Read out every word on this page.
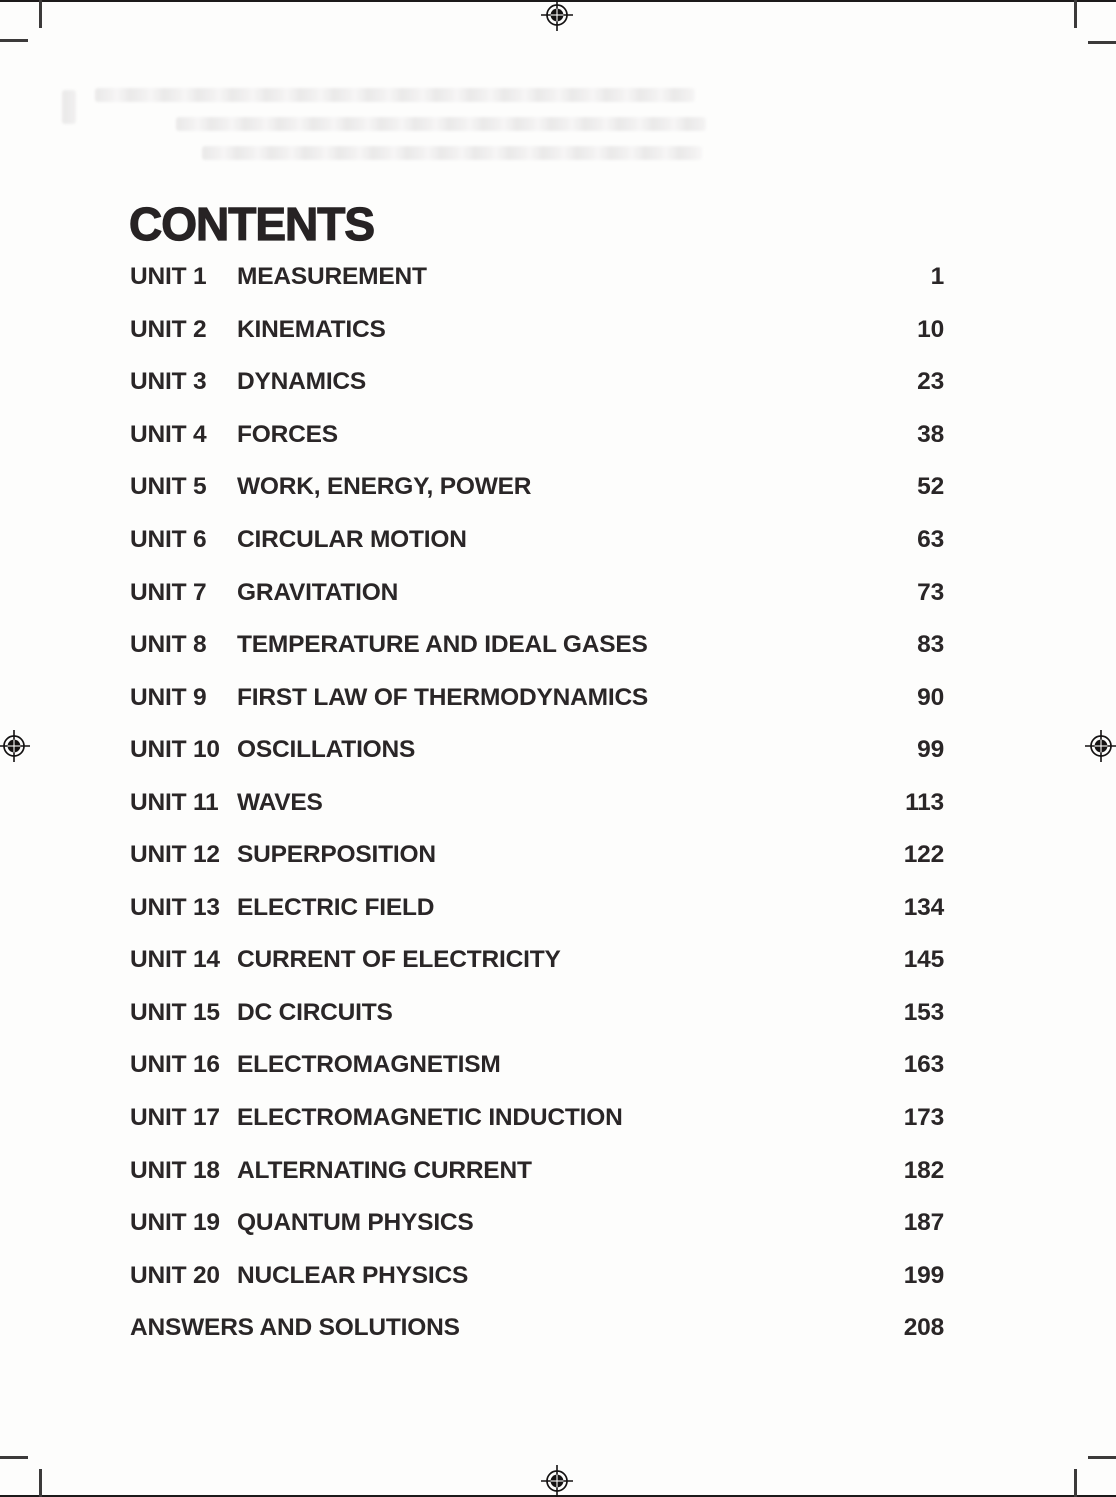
CONTENTS
UNIT 1	MEASUREMENT	1
UNIT 2	KINEMATICS	10
UNIT 3	DYNAMICS	23
UNIT 4	FORCES	38
UNIT 5	WORK, ENERGY, POWER	52
UNIT 6	CIRCULAR MOTION	63
UNIT 7	GRAVITATION	73
UNIT 8	TEMPERATURE AND IDEAL GASES	83
UNIT 9	FIRST LAW OF THERMODYNAMICS	90
UNIT 10 OSCILLATIONS	99
UNIT 11 WAVES	113
UNIT 12 SUPERPOSITION	122
UNIT 13 ELECTRIC FIELD	134
UNIT 14 CURRENT OF ELECTRICITY	145
UNIT 15 DC CIRCUITS	153
UNIT 16 ELECTROMAGNETISM	163
UNIT 17 ELECTROMAGNETIC INDUCTION	173
UNIT 18 ALTERNATING CURRENT	182
UNIT 19 QUANTUM PHYSICS	187
UNIT 20 NUCLEAR PHYSICS	199
ANSWERS AND SOLUTIONS	208
